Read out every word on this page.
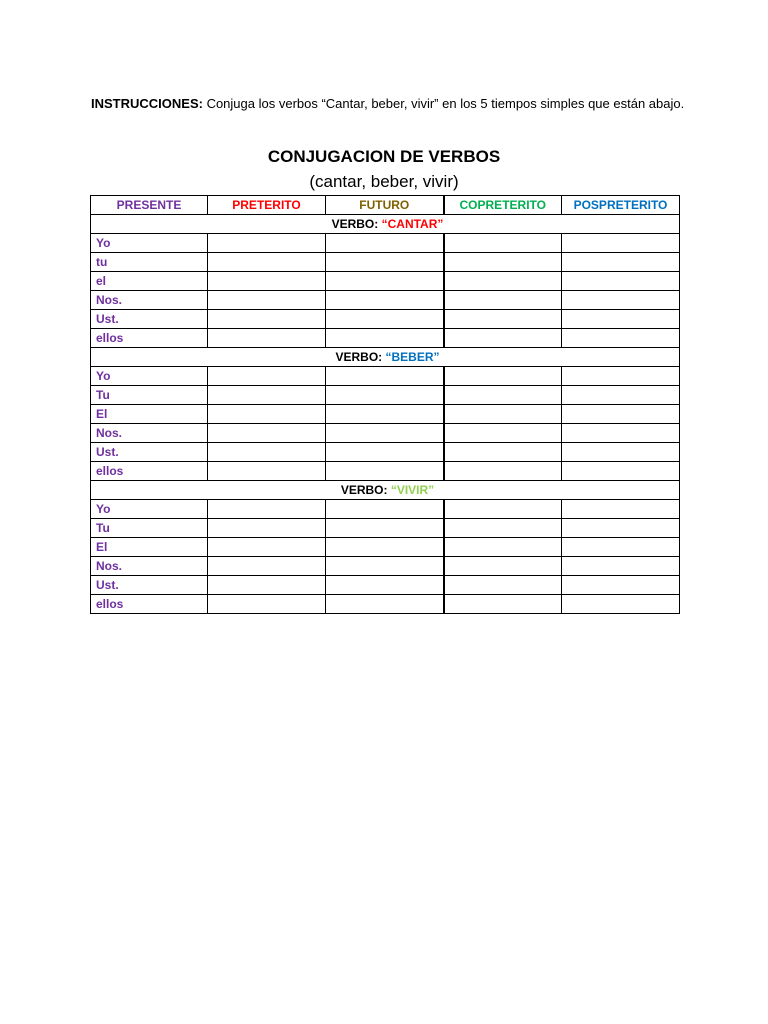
INSTRUCCIONES: Conjuga los verbos “Cantar, beber, vivir” en los 5 tiempos simples que están abajo.
CONJUGACION DE VERBOS
(cantar, beber, vivir)
PRESENTE	PRETERITO	FUTURO	COPRETERITO	POSPRETERITO
VERBO: “CANTAR”				
Yo				
tu				
el				
Nos.				
Ust.				
ellos				
VERBO: “BEBER”				
Yo				
Tu				
El				
Nos.				
Ust.				
ellos				
VERBO: “VIVIR”				
Yo				
Tu				
El				
Nos.				
Ust.				
ellos				
